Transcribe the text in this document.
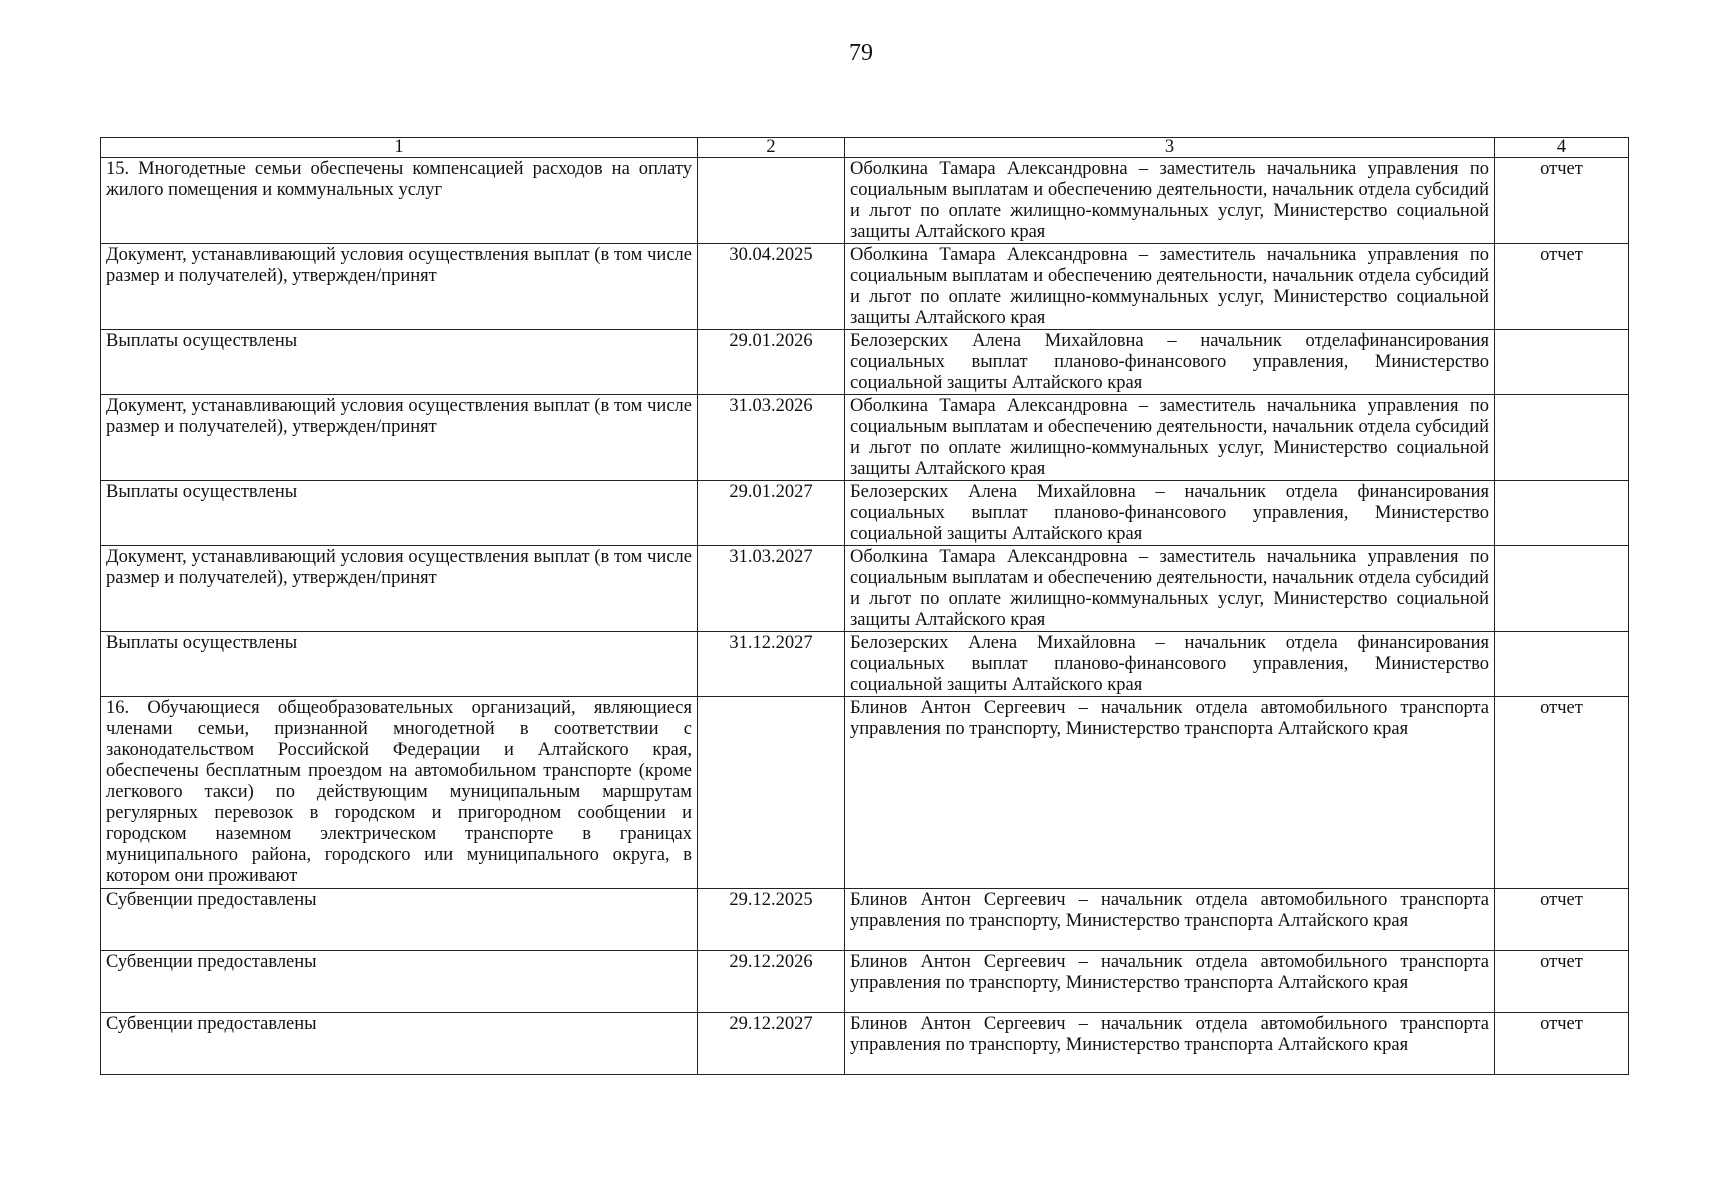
79
1	2	3	4
15. Многодетные семьи обеспечены компенсацией расходов на оплату жилого помещения и коммунальных услуг		Оболкина Тамара Александровна – заместитель начальника управления по социальным выплатам и обеспечению деятельности, начальник отдела субсидий и льгот по оплате жилищно-коммунальных услуг, Министерство социальной защиты Алтайского края	отчет
Документ, устанавливающий условия осуществления выплат (в том числе размер и получателей), утвержден/принят	30.04.2025	Оболкина Тамара Александровна – заместитель начальника управления по социальным выплатам и обеспечению деятельности, начальник отдела субсидий и льгот по оплате жилищно-коммунальных услуг, Министерство социальной защиты Алтайского края	отчет
Выплаты осуществлены	29.01.2026	Белозерских Алена Михайловна – начальник отделафинансирования социальных выплат планово-финансового управления, Министерство социальной защиты Алтайского края	
Документ, устанавливающий условия осуществления выплат (в том числе размер и получателей), утвержден/принят	31.03.2026	Оболкина Тамара Александровна – заместитель начальника управления по социальным выплатам и обеспечению деятельности, начальник отдела субсидий и льгот по оплате жилищно-коммунальных услуг, Министерство социальной защиты Алтайского края	
Выплаты осуществлены	29.01.2027	Белозерских Алена Михайловна – начальник отдела финансирования социальных выплат планово-финансового управления, Министерство социальной защиты Алтайского края	
Документ, устанавливающий условия осуществления выплат (в том числе размер и получателей), утвержден/принят	31.03.2027	Оболкина Тамара Александровна – заместитель начальника управления по социальным выплатам и обеспечению деятельности, начальник отдела субсидий и льгот по оплате жилищно-коммунальных услуг, Министерство социальной защиты Алтайского края	
Выплаты осуществлены	31.12.2027	Белозерских Алена Михайловна – начальник отдела финансирования социальных выплат планово-финансового управления, Министерство социальной защиты Алтайского края	
16. Обучающиеся общеобразовательных организаций, являющиеся членами семьи, признанной многодетной в соответствии с законодательством Российской Федерации и Алтайского края, обеспечены бесплатным проездом на автомобильном транспорте (кроме легкового такси) по действующим муниципальным маршрутам регулярных перевозок в городском и пригородном сообщении и городском наземном электрическом транспорте в границах муниципального района, городского или муниципального округа, в котором они проживают		Блинов Антон Сергеевич – начальник отдела автомобильного транспорта управления по транспорту, Министерство транспорта Алтайского края	отчет
Субвенции предоставлены	29.12.2025	Блинов Антон Сергеевич – начальник отдела автомобильного транспорта управления по транспорту, Министерство транспорта Алтайского края	отчет
Субвенции предоставлены	29.12.2026	Блинов Антон Сергеевич – начальник отдела автомобильного транспорта управления по транспорту, Министерство транспорта Алтайского края	отчет
Субвенции предоставлены	29.12.2027	Блинов Антон Сергеевич – начальник отдела автомобильного транспорта управления по транспорту, Министерство транспорта Алтайского края	отчет
